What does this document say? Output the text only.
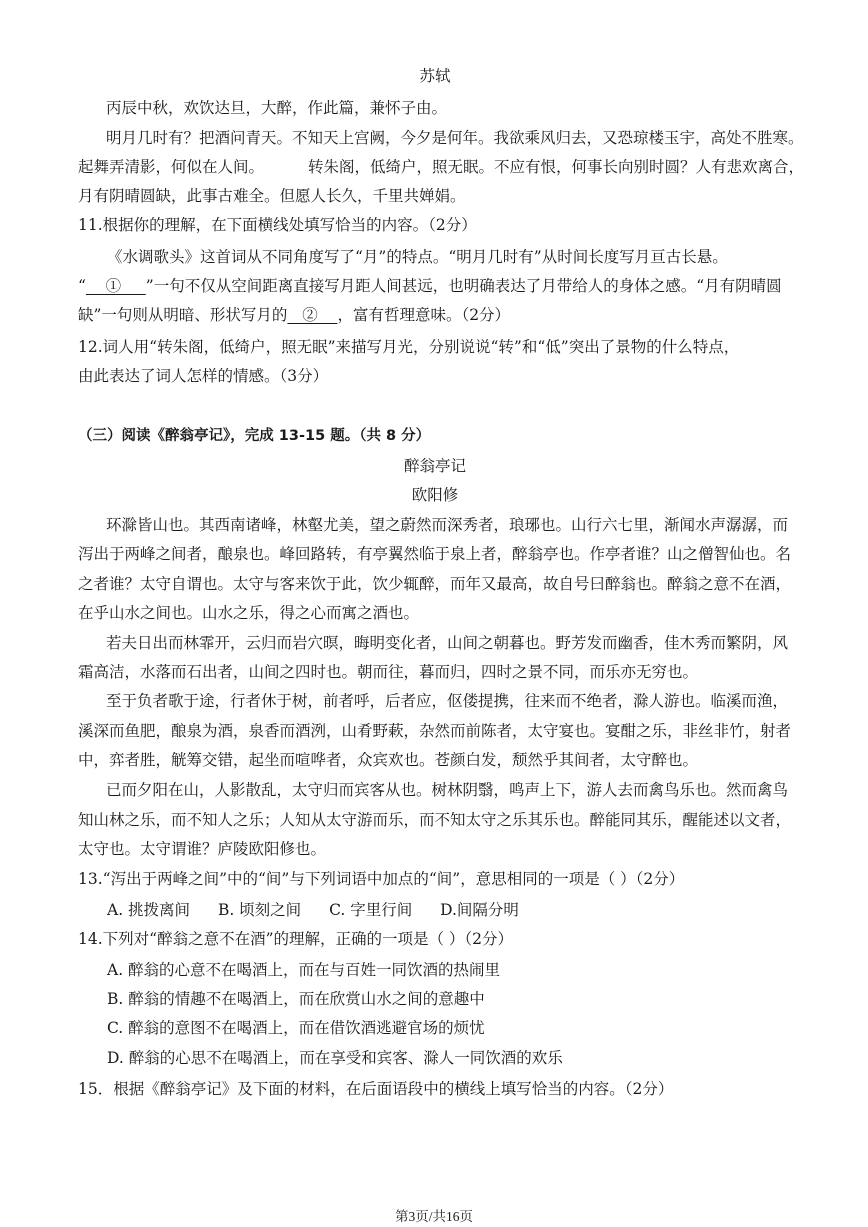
苏轼
丙辰中秋，欢饮达旦，大醉，作此篇，兼怀子由。
明月几时有？把酒问青天。不知天上宫阙，今夕是何年。我欲乘风归去，又恐琼楼玉宇，高处不胜寒。
起舞弄清影，何似在人间。	转朱阁，低绮户，照无眠。不应有恨，何事长向别时圆？人有悲欢离合，
月有阴晴圆缺，此事古难全。但愿人长久，千里共婵娟。
11.根据你的理解，在下面横线处填写恰当的内容。（2分）
《水调歌头》这首词从不同角度写了“月”的特点。“明月几时有”从时间长度写月亘古长悬。
“    ①     ”一句不仅从空间距离直接写月距人间甚远，也明确表达了月带给人的身体之感。“月有阴晴圆
缺”一句则从明暗、形状写月的   ②    ，富有哲理意味。（2分）
12.词人用“转朱阁，低绮户，照无眠”来描写月光，分别说说“转”和“低”突出了景物的什么特点，
由此表达了词人怎样的情感。（3分）
（三）阅读《醉翁亭记》，完成 13-15 题。（共 8 分）
醉翁亭记
欧阳修
环滁皆山也。其西南诸峰，林壑尤美，望之蔚然而深秀者，琅琊也。山行六七里，渐闻水声潺潺，而
泻出于两峰之间者，酿泉也。峰回路转，有亭翼然临于泉上者，醉翁亭也。作亭者谁？山之僧智仙也。名
之者谁？太守自谓也。太守与客来饮于此，饮少辄醉，而年又最高，故自号曰醉翁也。醉翁之意不在酒，
在乎山水之间也。山水之乐，得之心而寓之酒也。
若夫日出而林霏开，云归而岩穴暝，晦明变化者，山间之朝暮也。野芳发而幽香，佳木秀而繁阴，风
霜高洁，水落而石出者，山间之四时也。朝而往，暮而归，四时之景不同，而乐亦无穷也。
至于负者歌于途，行者休于树，前者呼，后者应，伛偻提携，往来而不绝者，滁人游也。临溪而渔，
溪深而鱼肥，酿泉为酒，泉香而酒洌，山肴野蔌，杂然而前陈者，太守宴也。宴酣之乐，非丝非竹，射者
中，弈者胜，觥筹交错，起坐而喧哗者，众宾欢也。苍颜白发，颓然乎其间者，太守醉也。
已而夕阳在山，人影散乱，太守归而宾客从也。树林阴翳，鸣声上下，游人去而禽鸟乐也。然而禽鸟
知山林之乐，而不知人之乐；人知从太守游而乐，而不知太守之乐其乐也。醉能同其乐，醒能述以文者，
太守也。太守谓谁？庐陵欧阳修也。
13.“泻出于两峰之间”中的“间”与下列词语中加点的“间”，意思相同的一项是（ ）（2分）
A. 挑拨离间 B. 顷刻之间 C. 字里行间 D.间隔分明
14.下列对“醉翁之意不在酒”的理解，正确的一项是（ ）（2分）
A. 醉翁的心意不在喝酒上，而在与百姓一同饮酒的热闹里
B. 醉翁的情趣不在喝酒上，而在欣赏山水之间的意趣中
C. 醉翁的意图不在喝酒上，而在借饮酒逃避官场的烦忧
D. 醉翁的心思不在喝酒上，而在享受和宾客、滁人一同饮酒的欢乐
15．根据《醉翁亭记》及下面的材料，在后面语段中的横线上填写恰当的内容。（2分）
第3页/共16页
